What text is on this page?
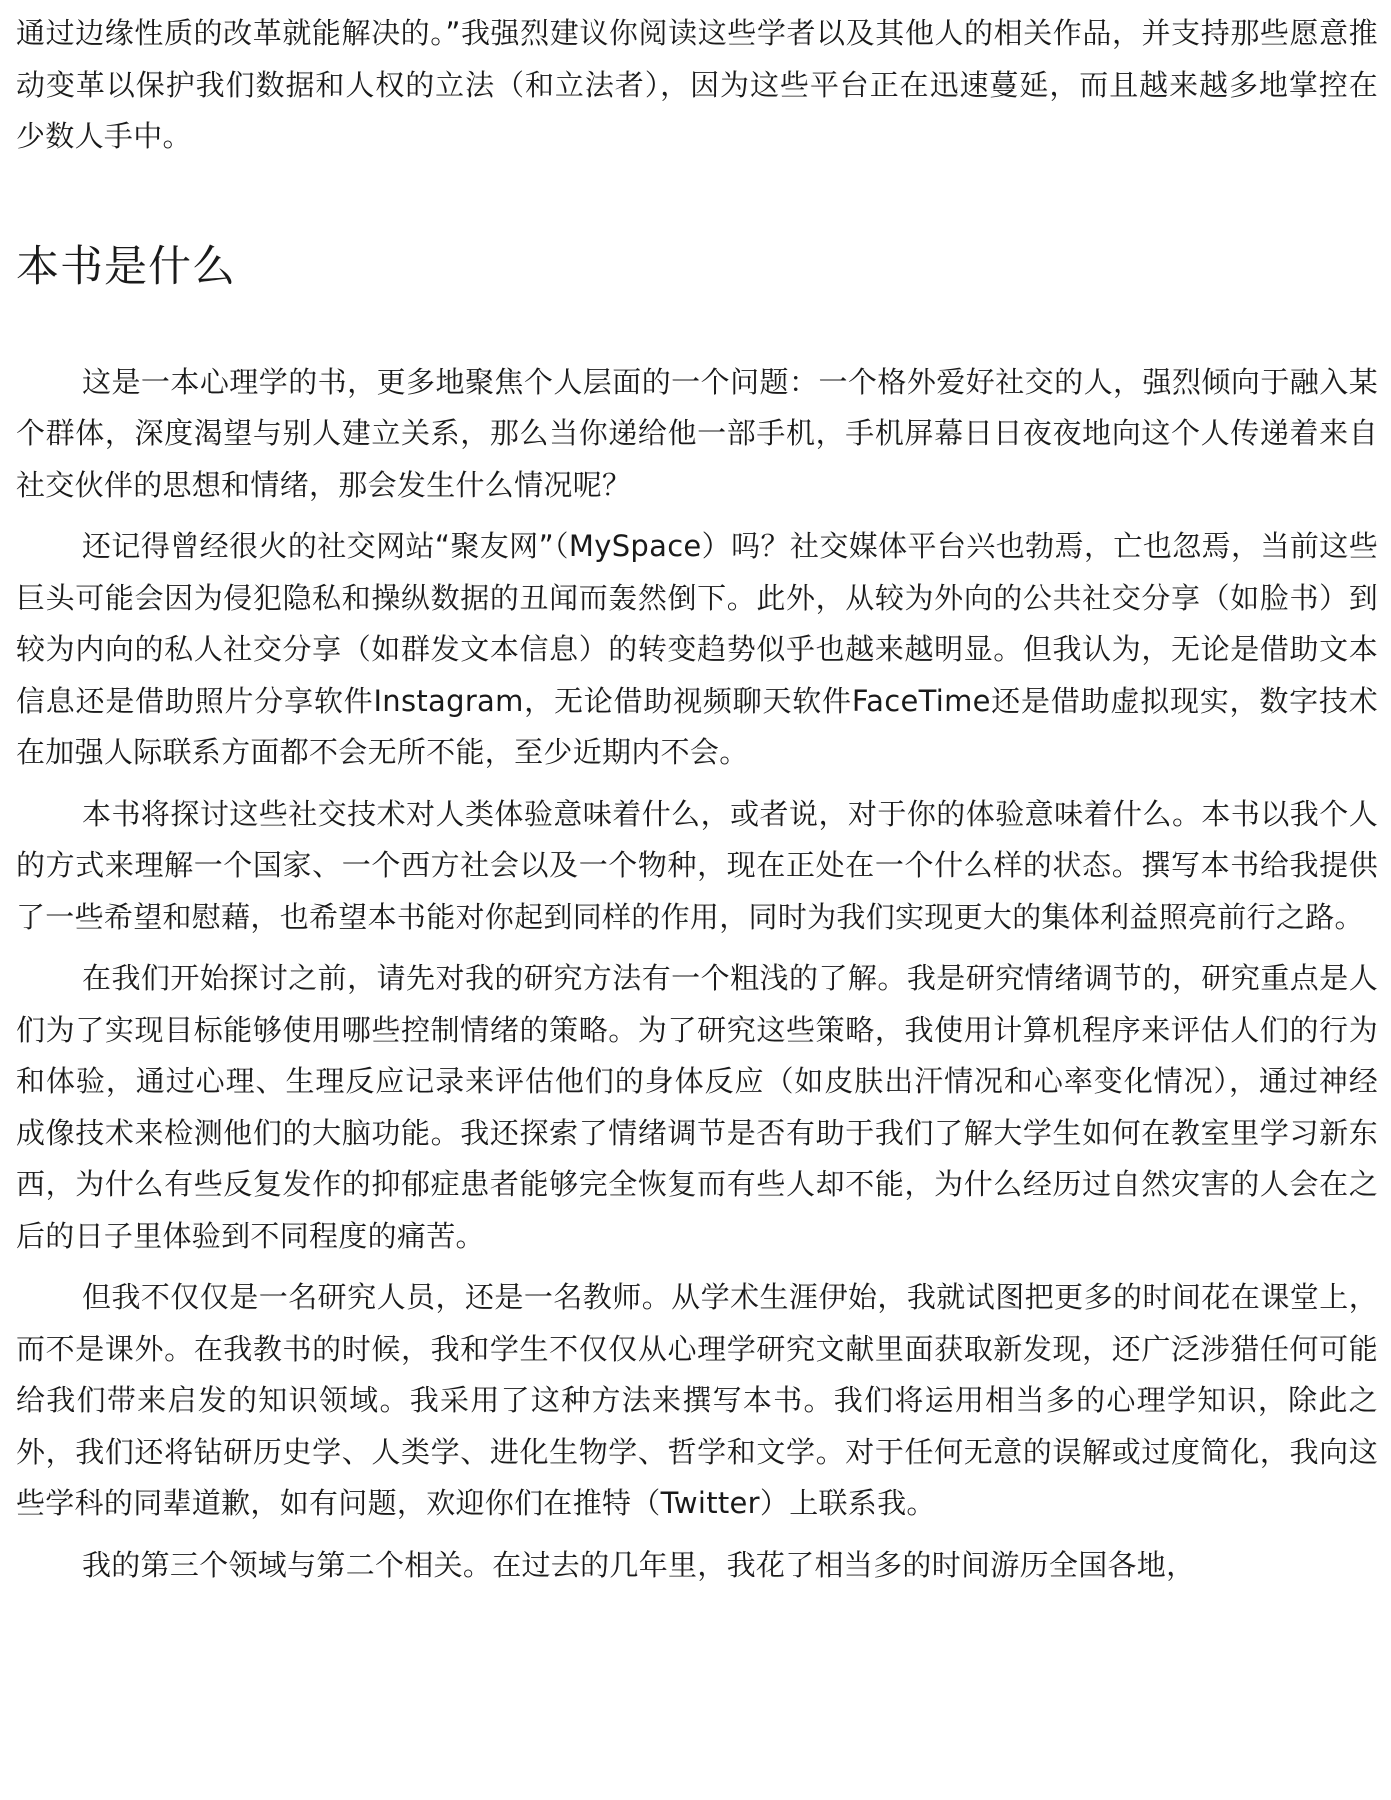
通过边缘性质的改革就能解决的。”我强烈建议你阅读这些学者以及其他人的相关作品，并支持那些愿意推动变革以保护我们数据和人权的立法（和立法者），因为这些平台正在迅速蔓延，而且越来越多地掌控在少数人手中。

本书是什么

这是一本心理学的书，更多地聚焦个人层面的一个问题：一个格外爱好社交的人，强烈倾向于融入某个群体，深度渴望与别人建立关系，那么当你递给他一部手机，手机屏幕日日夜夜地向这个人传递着来自社交伙伴的思想和情绪，那会发生什么情况呢？

还记得曾经很火的社交网站“聚友网”（MySpace）吗？社交媒体平台兴也勃焉，亡也忽焉，当前这些巨头可能会因为侵犯隐私和操纵数据的丑闻而轰然倒下。此外，从较为外向的公共社交分享（如脸书）到较为内向的私人社交分享（如群发文本信息）的转变趋势似乎也越来越明显。但我认为，无论是借助文本信息还是借助照片分享软件Instagram，无论借助视频聊天软件FaceTime还是借助虚拟现实，数字技术在加强人际联系方面都不会无所不能，至少近期内不会。

本书将探讨这些社交技术对人类体验意味着什么，或者说，对于你的体验意味着什么。本书以我个人的方式来理解一个国家、一个西方社会以及一个物种，现在正处在一个什么样的状态。撰写本书给我提供了一些希望和慰藉，也希望本书能对你起到同样的作用，同时为我们实现更大的集体利益照亮前行之路。

在我们开始探讨之前，请先对我的研究方法有一个粗浅的了解。我是研究情绪调节的，研究重点是人们为了实现目标能够使用哪些控制情绪的策略。为了研究这些策略，我使用计算机程序来评估人们的行为和体验，通过心理、生理反应记录来评估他们的身体反应（如皮肤出汗情况和心率变化情况），通过神经成像技术来检测他们的大脑功能。我还探索了情绪调节是否有助于我们了解大学生如何在教室里学习新东西，为什么有些反复发作的抑郁症患者能够完全恢复而有些人却不能，为什么经历过自然灾害的人会在之后的日子里体验到不同程度的痛苦。

但我不仅仅是一名研究人员，还是一名教师。从学术生涯伊始，我就试图把更多的时间花在课堂上，而不是课外。在我教书的时候，我和学生不仅仅从心理学研究文献里面获取新发现，还广泛涉猎任何可能给我们带来启发的知识领域。我采用了这种方法来撰写本书。我们将运用相当多的心理学知识，除此之外，我们还将钻研历史学、人类学、进化生物学、哲学和文学。对于任何无意的误解或过度简化，我向这些学科的同辈道歉，如有问题，欢迎你们在推特（Twitter）上联系我。

我的第三个领域与第二个相关。在过去的几年里，我花了相当多的时间游历全国各地，
